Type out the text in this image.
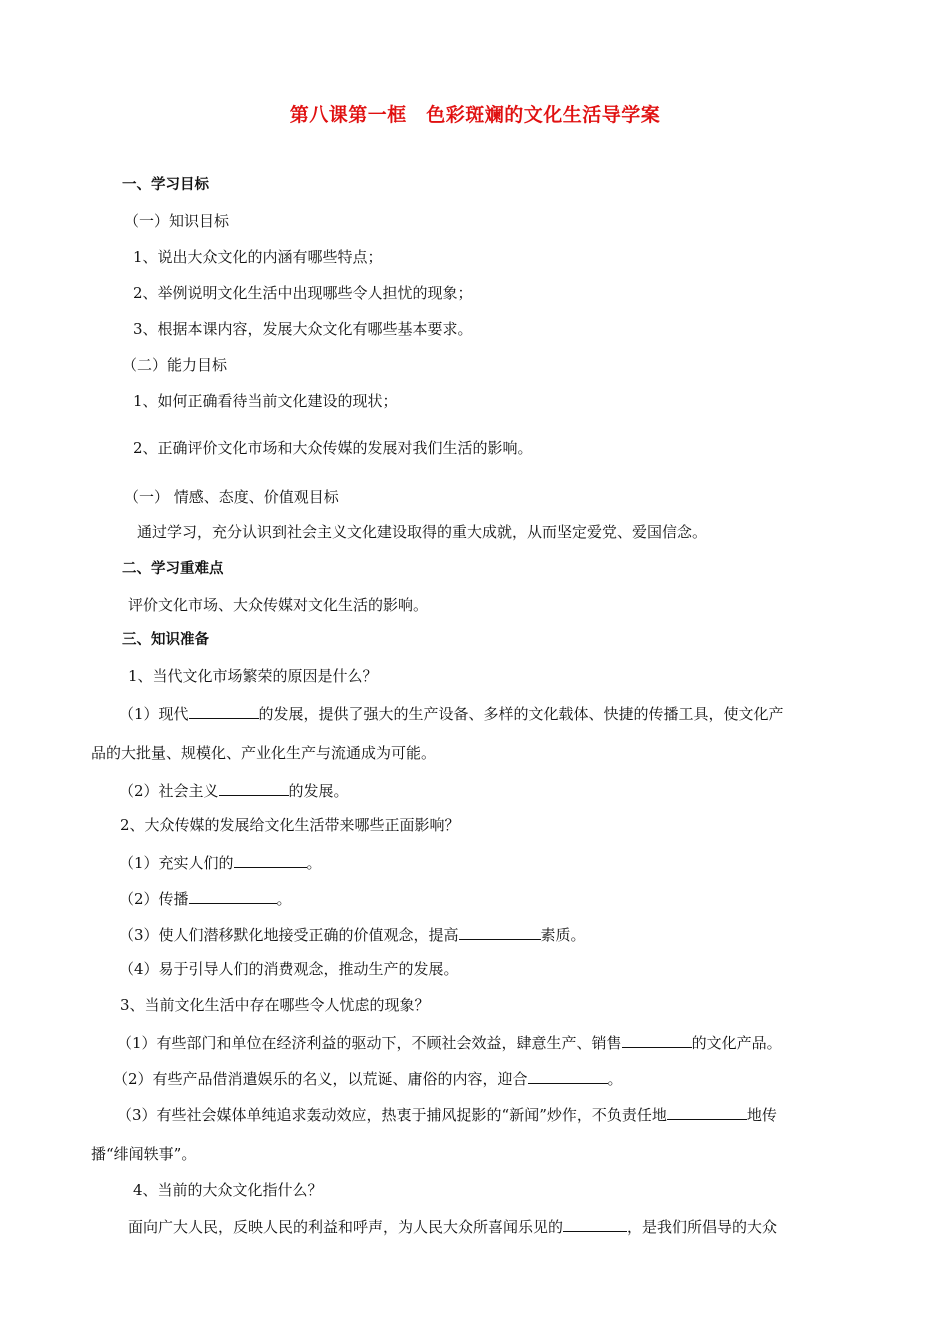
第八课第一框　色彩斑斓的文化生活导学案
一、学习目标
（一）知识目标
1、说出大众文化的内涵有哪些特点；
2、举例说明文化生活中出现哪些令人担忧的现象；
3、根据本课内容，发展大众文化有哪些基本要求。
（二）能力目标
1、如何正确看待当前文化建设的现状；
2、正确评价文化市场和大众传媒的发展对我们生活的影响。
（一） 情感、态度、价值观目标
通过学习，充分认识到社会主义文化建设取得的重大成就，从而坚定爱党、爱国信念。
二、学习重难点
评价文化市场、大众传媒对文化生活的影响。
三、知识准备
1、当代文化市场繁荣的原因是什么？
（1）现代	的发展，提供了强大的生产设备、多样的文化载体、快捷的传播工具，使文化产
品的大批量、规模化、产业化生产与流通成为可能。
（2）社会主义	的发展。
2、大众传媒的发展给文化生活带来哪些正面影响？
（1）充实人们的	。
（2）传播	。
（3）使人们潜移默化地接受正确的价值观念，提高	素质。
（4）易于引导人们的消费观念，推动生产的发展。
3、当前文化生活中存在哪些令人忧虑的现象？
（1）有些部门和单位在经济利益的驱动下，不顾社会效益，肆意生产、销售	的文化产品。
（2）有些产品借消遣娱乐的名义，以荒诞、庸俗的内容，迎合	。
（3）有些社会媒体单纯追求轰动效应，热衷于捕风捉影的“新闻”炒作，不负责任地	地传
播“绯闻轶事”。
4、当前的大众文化指什么？
面向广大人民，反映人民的利益和呼声，为人民大众所喜闻乐见的	，是我们所倡导的大众
